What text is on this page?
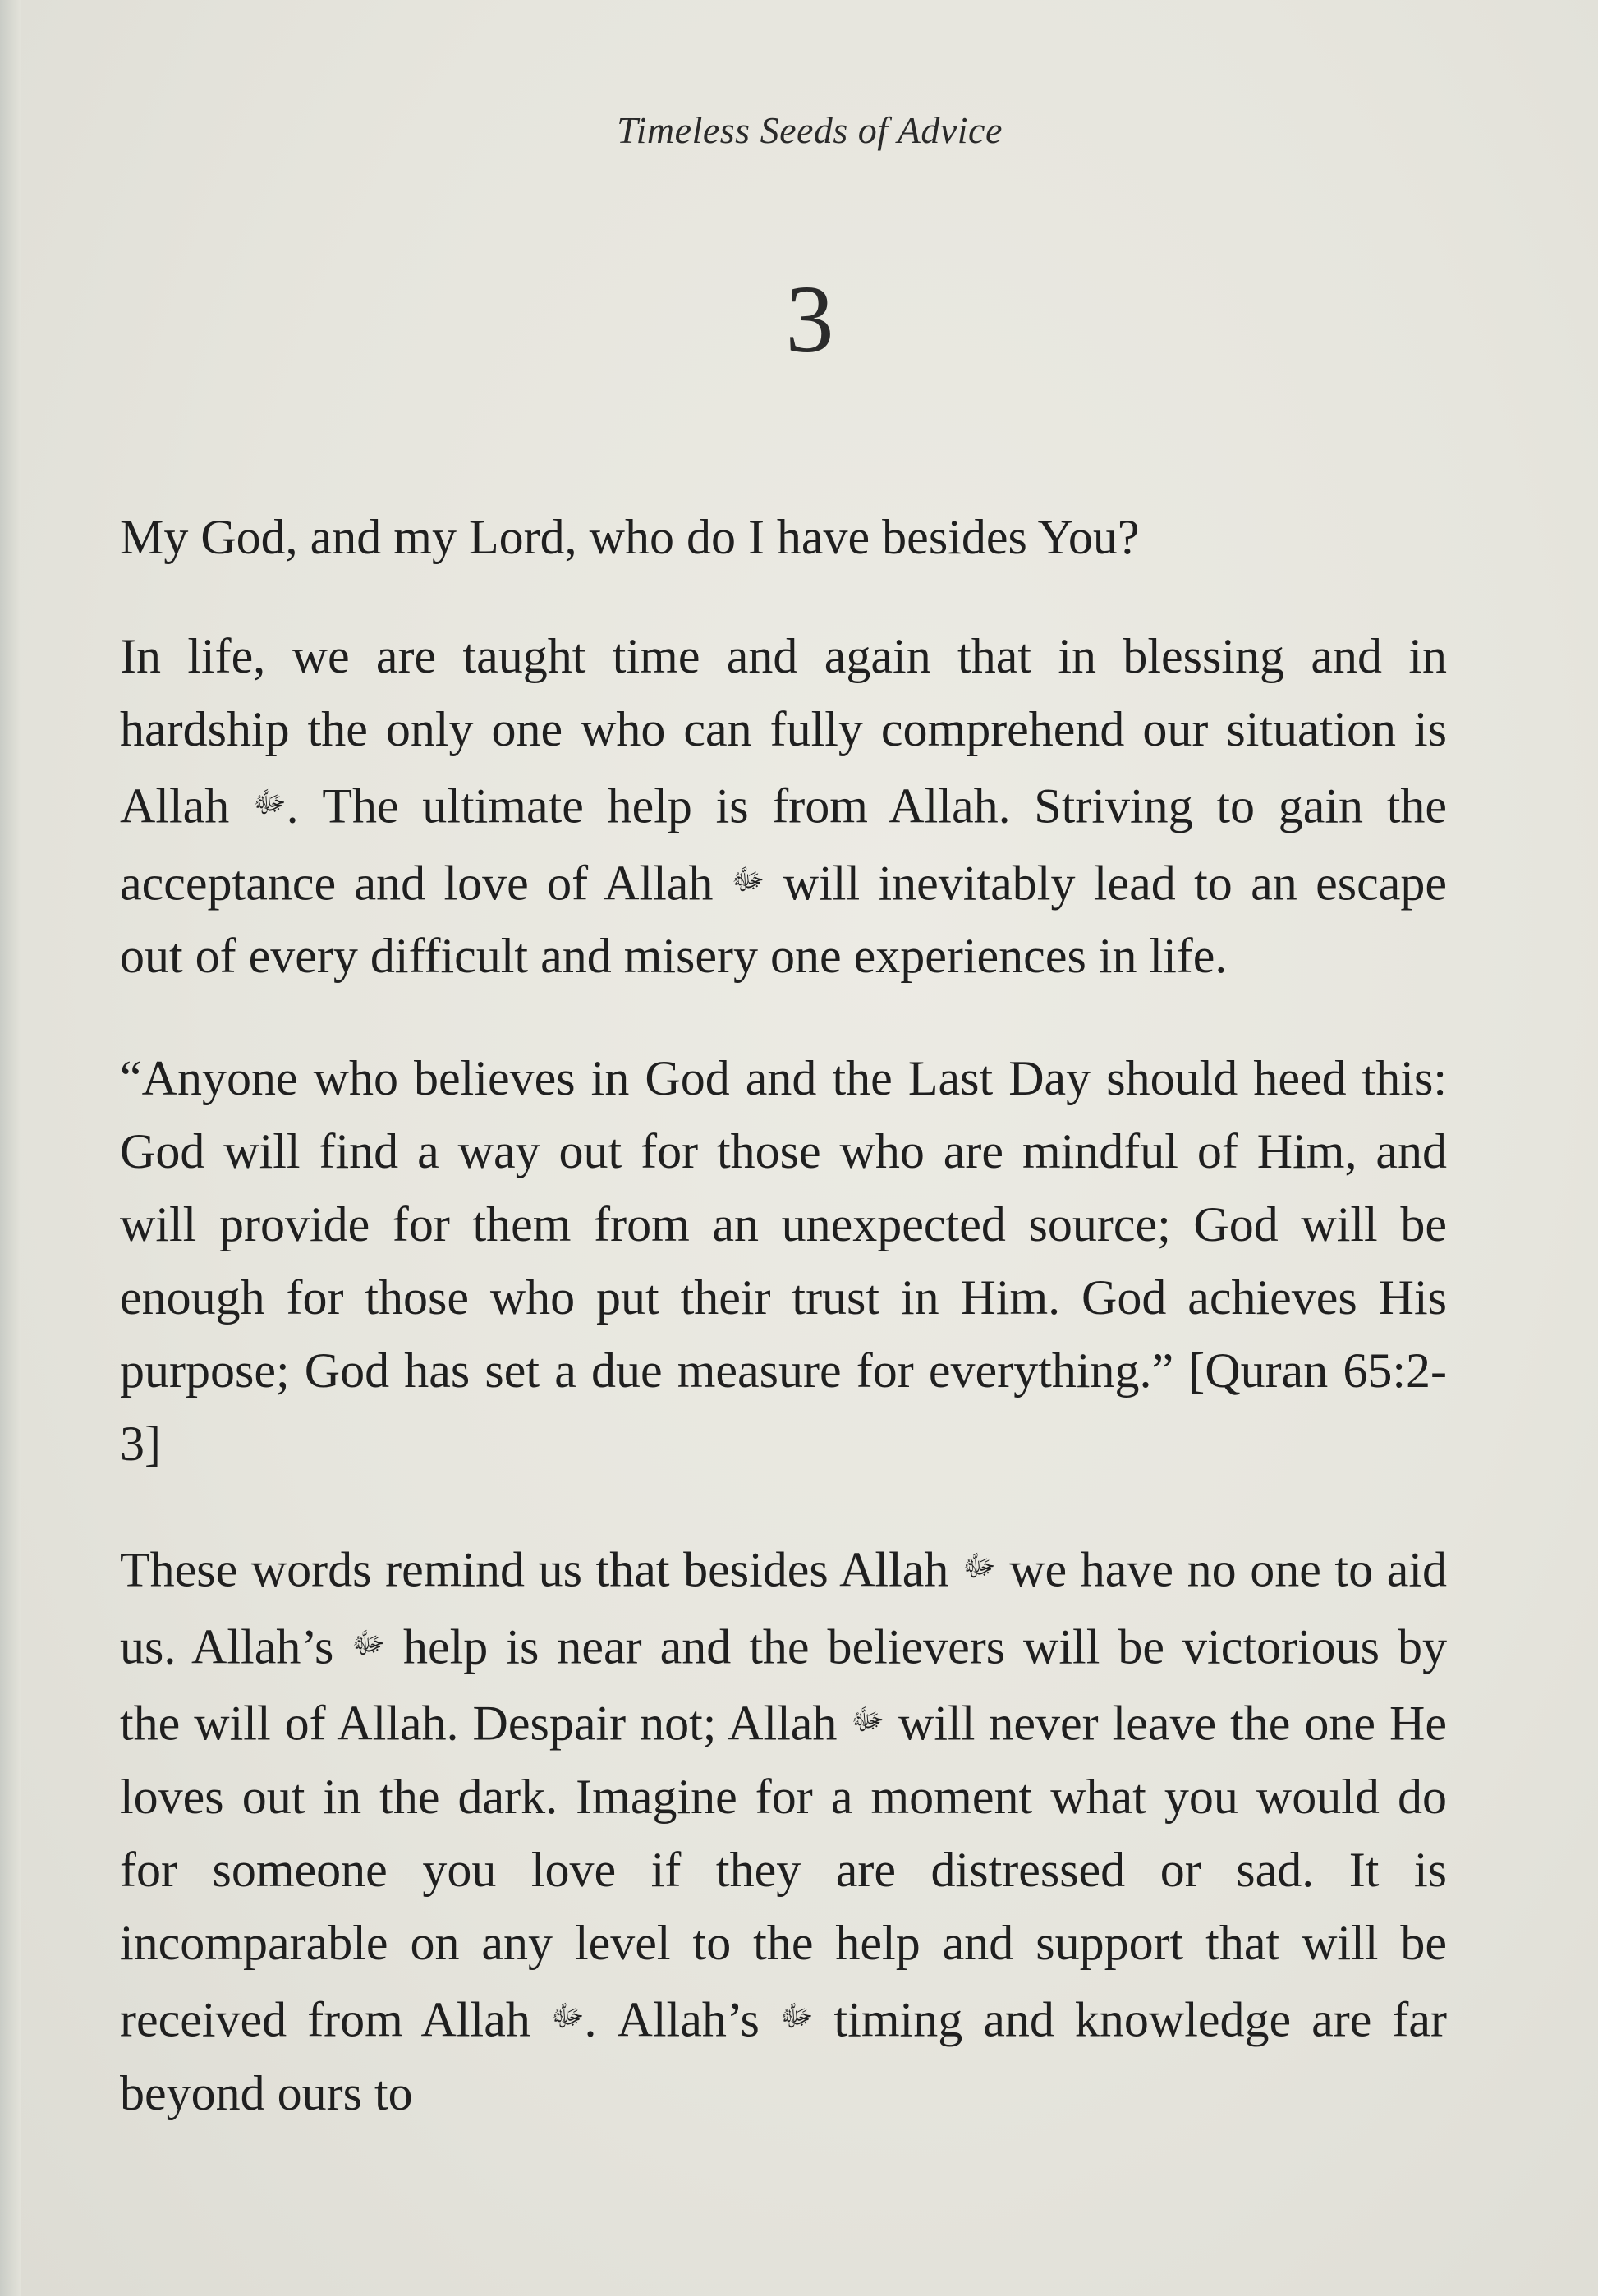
Timeless Seeds of Advice
3

My God, and my Lord, who do I have besides You?

In life, we are taught time and again that in blessing and in hardship the only one who can fully comprehend our situation is Allah $^ﷻ$. The ultimate help is from Allah. Striving to gain the acceptance and love of Allah $^ﷻ$ will inevitably lead to an escape out of every difficult and misery one experiences in life.

“Anyone who believes in God and the Last Day should heed this: God will find a way out for those who are mindful of Him, and will provide for them from an unexpected source; God will be enough for those who put their trust in Him. God achieves His purpose; God has set a due measure for everything.” [Quran 65:2-3]

These words remind us that besides Allah $^ﷻ$ we have no one to aid us. Allah’s $^ﷻ$ help is near and the believers will be victorious by the will of Allah. Despair not; Allah $^ﷻ$ will never leave the one He loves out in the dark. Imagine for a moment what you would do for someone you love if they are distressed or sad. It is incomparable on any level to the help and support that will be received from Allah $^ﷻ$. Allah’s $^ﷻ$ timing and knowledge are far beyond ours to
